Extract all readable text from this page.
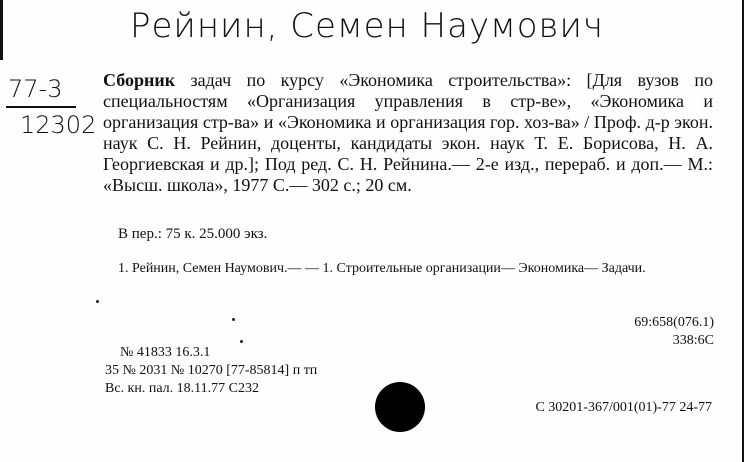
Рейнин, Семен Наумович
77-3
12302

Сборник задач по курсу «Экономика строительства»: [Для вузов по специальностям «Организация управления в стр-ве», «Экономика и организация стр-ва» и «Экономика и организация гор. хоз-ва» / Проф. д-р экон. наук С. Н. Рейнин, доценты, кандидаты экон. наук Т. Е. Борисова, Н. А. Георгиевская и др.]; Под ред. С. Н. Рейнина.— 2-е изд., перераб. и доп.— М.: «Высш. школа», 1977 С.— 302 с.; 20 см.

В пер.: 75 к. 25.000 экз.
1. Рейнин, Семен Наумович.— — 1. Строительные организации— Экономика— Задачи.
69:658(076.1)
338:6С
№ 41833 16.3.1
35 № 2031 № 10270 [77-85814] п тп
Вс. кн. пал. 18.11.77 С232
С 30201-367/001(01)-77 24-77
